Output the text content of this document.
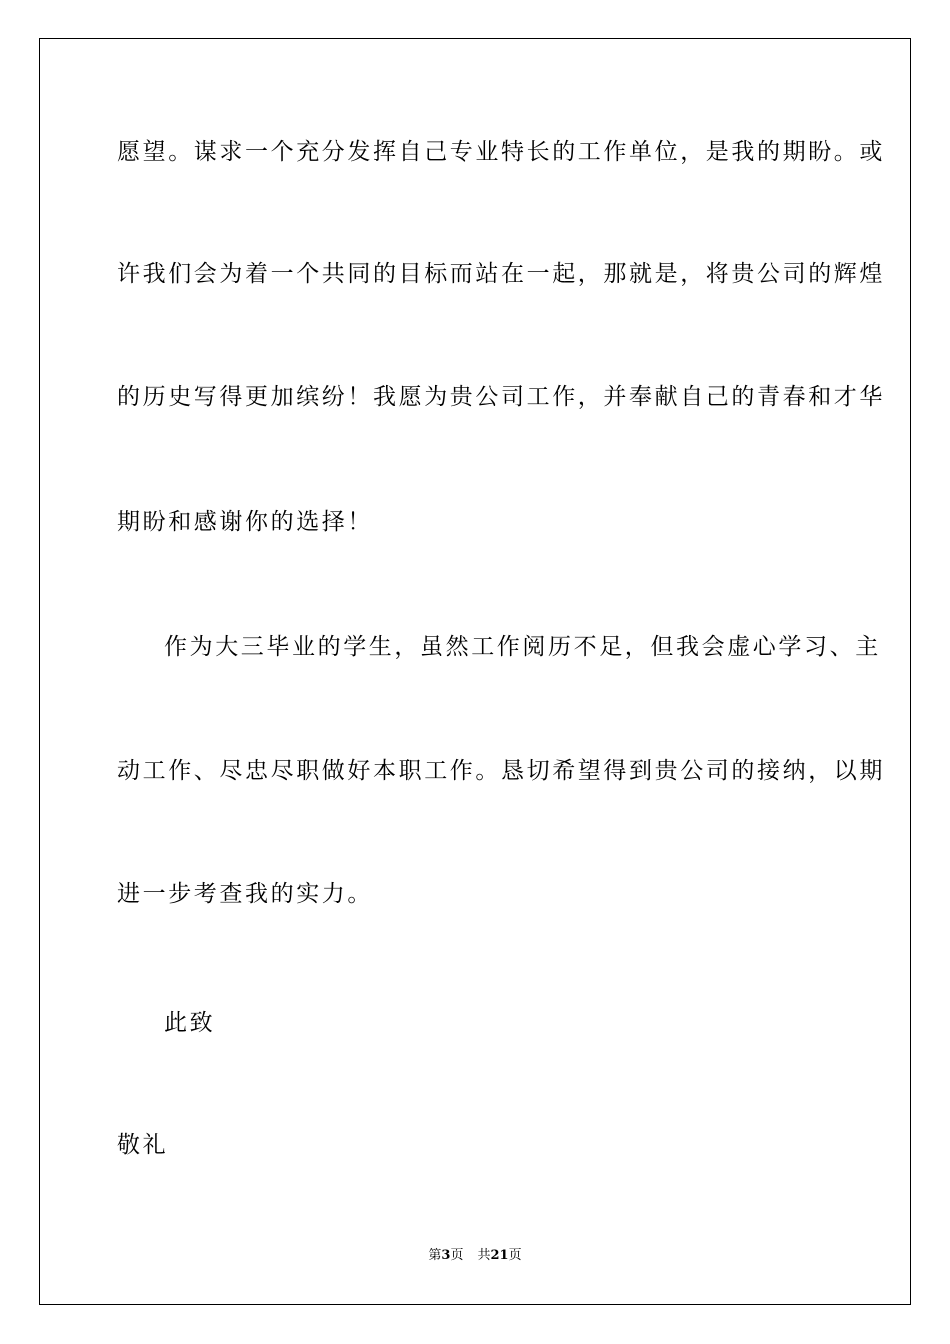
愿望。谋求一个充分发挥自己专业特长的工作单位，是我的期盼。或
许我们会为着一个共同的目标而站在一起，那就是，将贵公司的辉煌
的历史写得更加缤纷！我愿为贵公司工作，并奉献自己的青春和才华
期盼和感谢你的选择！
作为大三毕业的学生，虽然工作阅历不足，但我会虚心学习、主
动工作、尽忠尽职做好本职工作。恳切希望得到贵公司的接纳，以期
进一步考查我的实力。
此致
敬礼
第3页 共21页
